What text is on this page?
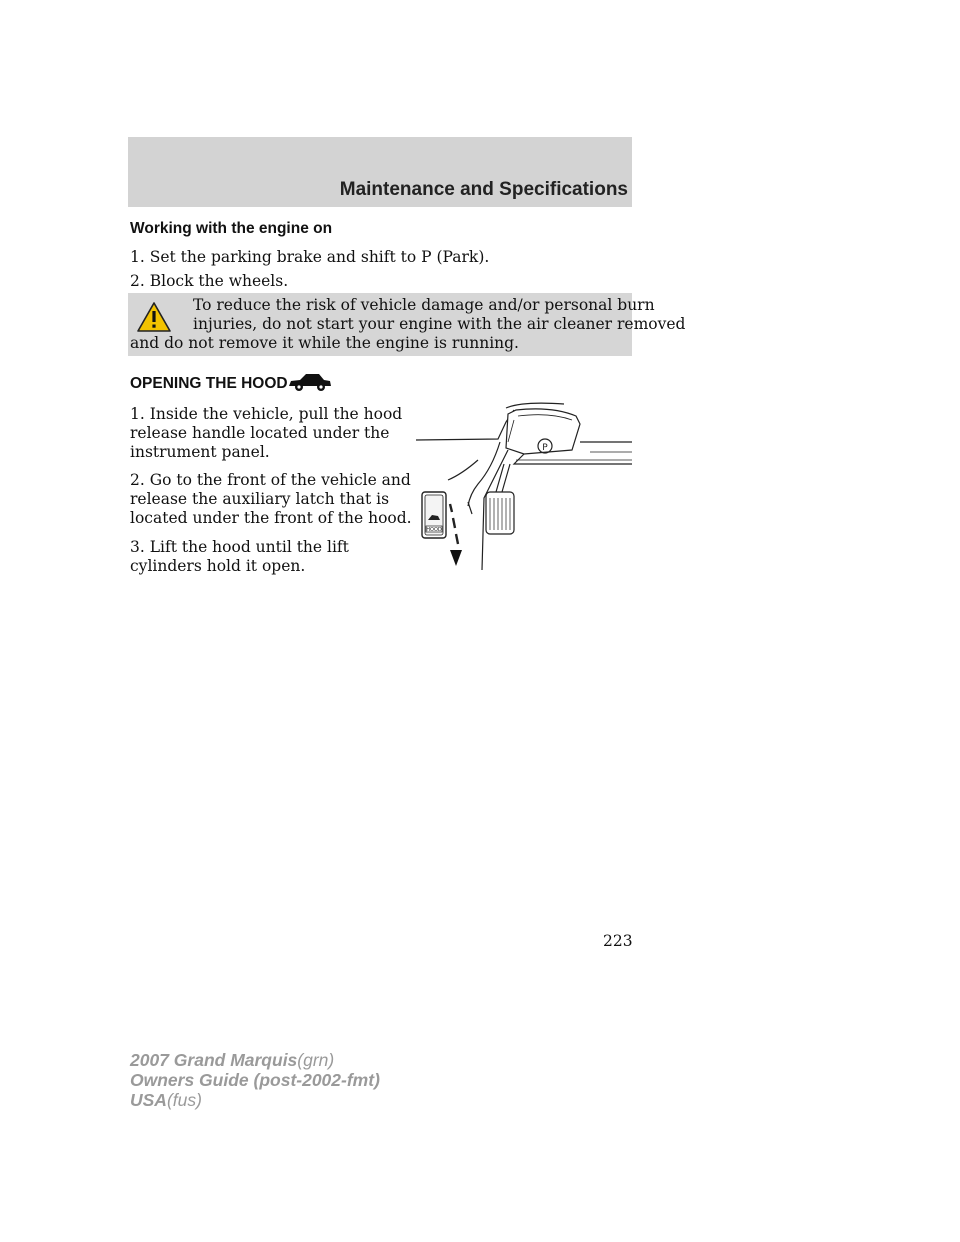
Maintenance and Specifications
Working with the engine on
1. Set the parking brake and shift to P (Park).
2. Block the wheels.
To reduce the risk of vehicle damage and/or personal burn
injuries, do not start your engine with the air cleaner removed
and do not remove it while the engine is running.
OPENING THE HOOD
1. Inside the vehicle, pull the hood
release handle located under the
instrument panel.
2. Go to the front of the vehicle and
release the auxiliary latch that is
located under the front of the hood.
3. Lift the hood until the lift
cylinders hold it open.
P
HOOD
223
2007 Grand Marquis(grn)
Owners Guide (post-2002-fmt)
USA(fus)
